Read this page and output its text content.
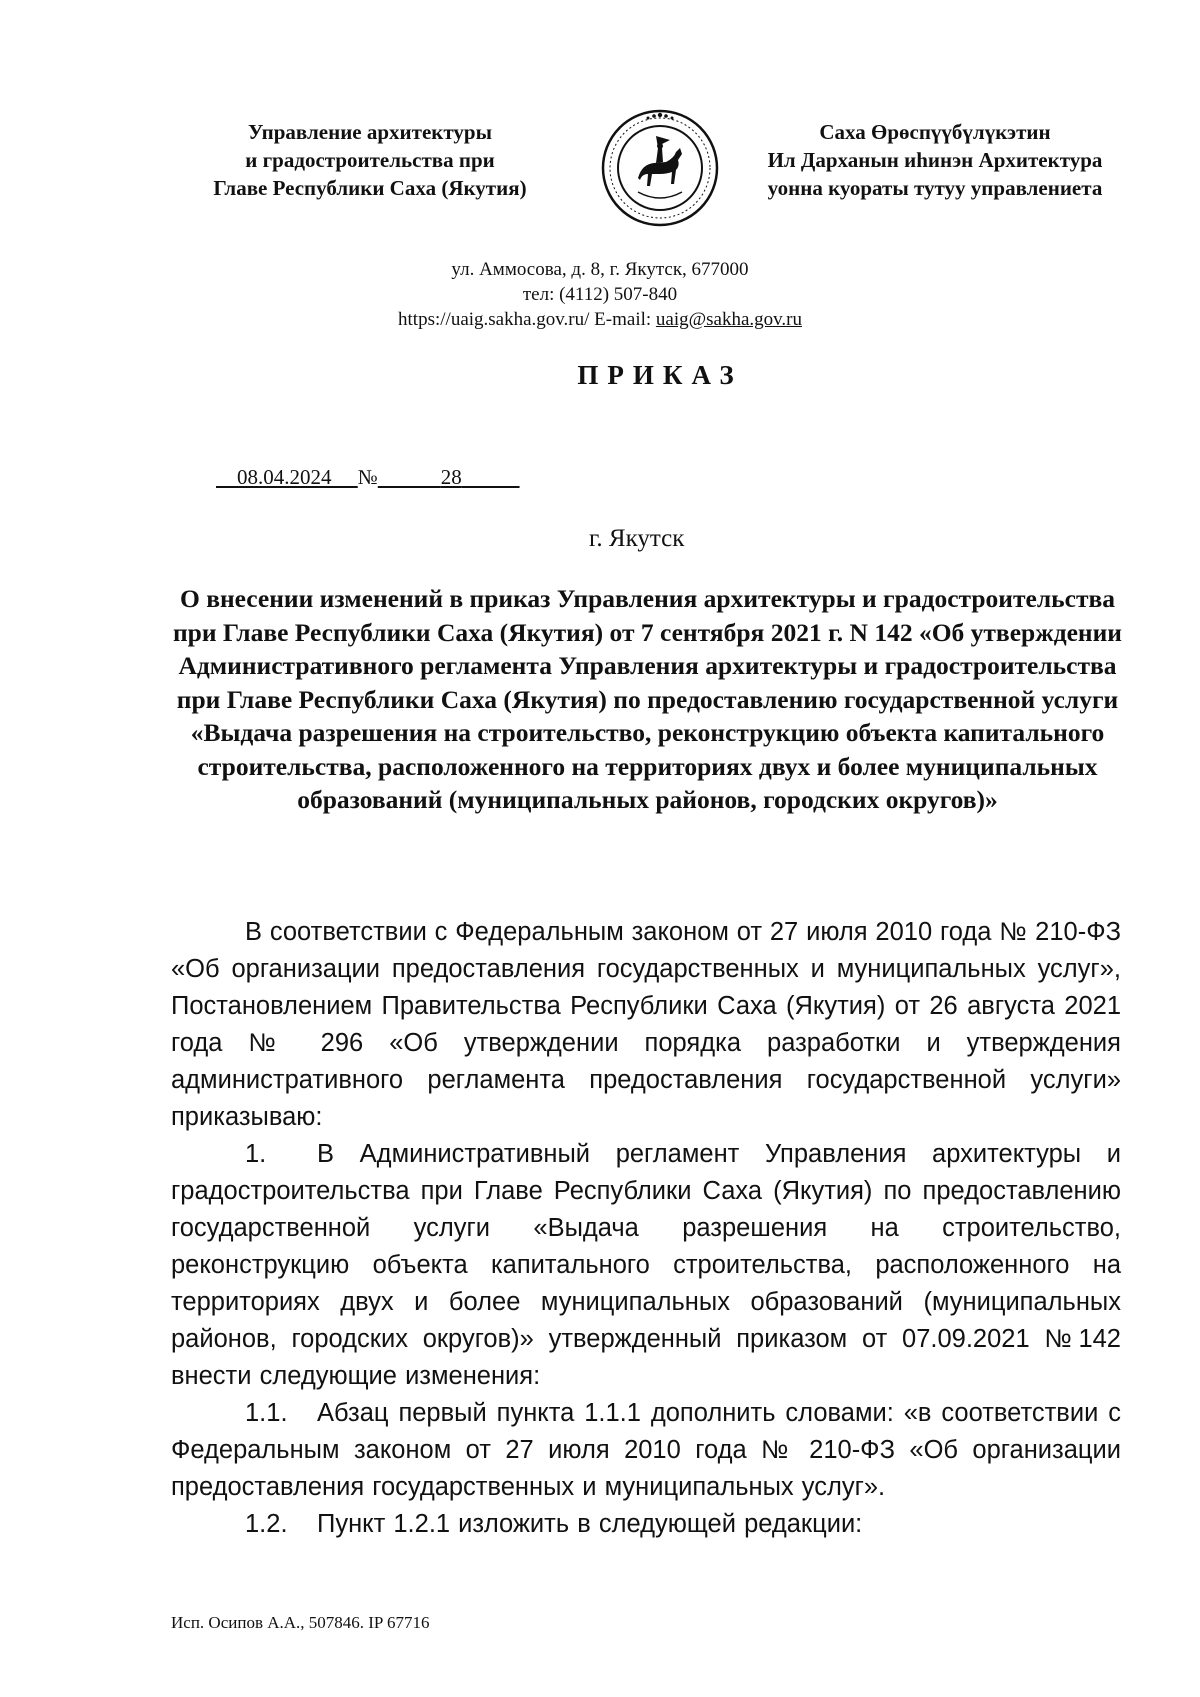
Управление архитектуры
и градостроительства при
Главе Республики Саха (Якутия)
Саха Өрөспүүбүлүкэтин
Ил Дарханын иһинэн Архитектура
уонна куораты тутуу управлениета
ул. Аммосова, д. 8, г. Якутск, 677000
тел: (4112) 507-840
https://uaig.sakha.gov.ru/ E-mail: uaig@sakha.gov.ru
ПРИКАЗ
08.04.2024 №	28
г. Якутск
О внесении изменений в приказ Управления архитектуры и градостроительства при Главе Республики Саха (Якутия) от 7 сентября 2021 г. N 142 «Об утверждении Административного регламента Управления архитектуры и градостроительства при Главе Республики Саха (Якутия) по предоставлению государственной услуги «Выдача разрешения на строительство, реконструкцию объекта капитального строительства, расположенного на территориях двух и более муниципальных образований (муниципальных районов, городских округов)»

В соответствии с Федеральным законом от 27 июля 2010 года № 210-ФЗ «Об организации предоставления государственных и муниципальных услуг», Постановлением Правительства Республики Саха (Якутия) от 26 августа 2021 года № 296 «Об утверждении порядка разработки и утверждения административного регламента предоставления государственной услуги» приказываю:

1. В Административный регламент Управления архитектуры и градостроительства при Главе Республики Саха (Якутия) по предоставлению государственной услуги «Выдача разрешения на строительство, реконструкцию объекта капитального строительства, расположенного на территориях двух и более муниципальных образований (муниципальных районов, городских округов)» утвержденный приказом от 07.09.2021 №142 внести следующие изменения:

1.1. Абзац первый пункта 1.1.1 дополнить словами: «в соответствии с Федеральным законом от 27 июля 2010 года № 210-ФЗ «Об организации предоставления государственных и муниципальных услуг».

1.2. Пункт 1.2.1 изложить в следующей редакции:

Исп. Осипов А.А., 507846. IP 67716
